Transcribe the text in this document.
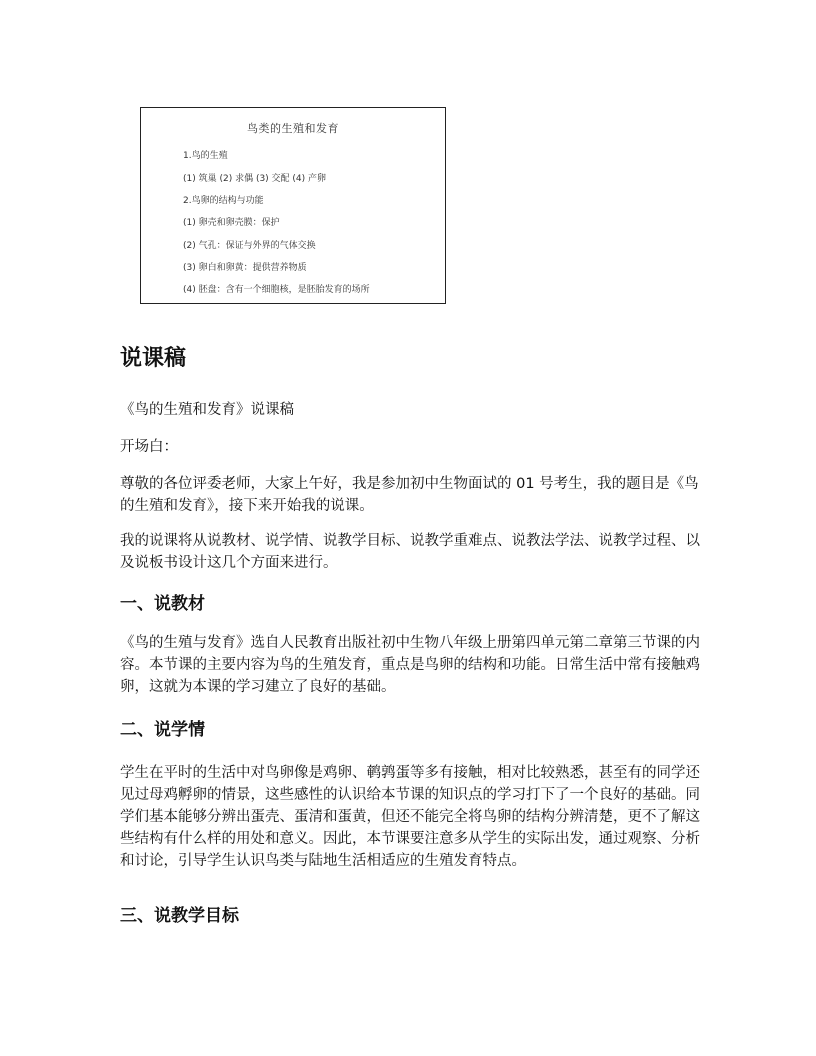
鸟类的生殖和发育
1.鸟的生殖
(1) 筑巢 (2) 求偶 (3) 交配 (4) 产卵
2.鸟卵的结构与功能
(1) 卵壳和卵壳膜：保护
(2) 气孔：保证与外界的气体交换
(3) 卵白和卵黄：提供营养物质
(4) 胚盘：含有一个细胞核，是胚胎发育的场所
说课稿

《鸟的生殖和发育》说课稿

开场白：

尊敬的各位评委老师，大家上午好，我是参加初中生物面试的 01 号考生，我的题目是《鸟的生殖和发育》，接下来开始我的说课。

我的说课将从说教材、说学情、说教学目标、说教学重难点、说教法学法、说教学过程、以及说板书设计这几个方面来进行。

一、说教材

《鸟的生殖与发育》选自人民教育出版社初中生物八年级上册第四单元第二章第三节课的内容。本节课的主要内容为鸟的生殖发育，重点是鸟卵的结构和功能。日常生活中常有接触鸡卵，这就为本课的学习建立了良好的基础。

二、说学情

学生在平时的生活中对鸟卵像是鸡卵、鹌鹑蛋等多有接触，相对比较熟悉，甚至有的同学还见过母鸡孵卵的情景，这些感性的认识给本节课的知识点的学习打下了一个良好的基础。同学们基本能够分辨出蛋壳、蛋清和蛋黄，但还不能完全将鸟卵的结构分辨清楚，更不了解这些结构有什么样的用处和意义。因此，本节课要注意多从学生的实际出发，通过观察、分析和讨论，引导学生认识鸟类与陆地生活相适应的生殖发育特点。

三、说教学目标
